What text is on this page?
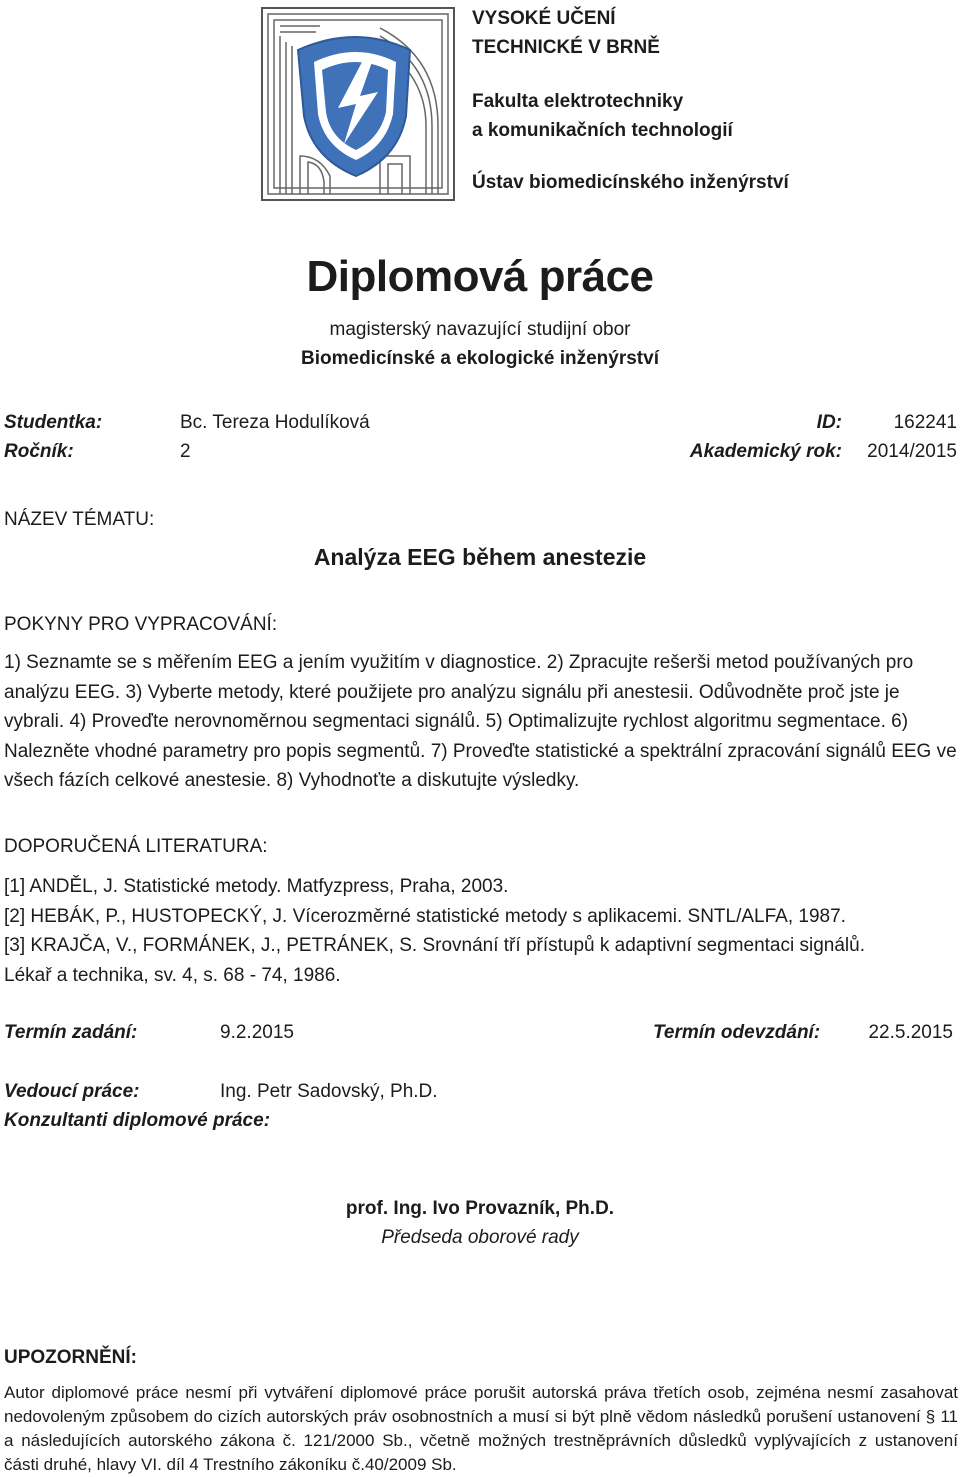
VYSOKÉ UČENÍ
TECHNICKÉ V BRNĚ
Fakulta elektrotechniky
a komunikačních technologií
Ústav biomedicínského inženýrství
Diplomová práce
magisterský navazující studijní obor
Biomedicínské a ekologické inženýrství
Studentka:	Bc. Tereza Hodulíková	ID:	162241
Ročník:	2	Akademický rok: 2014/2015
NÁZEV TÉMATU:
Analýza EEG během anestezie
POKYNY PRO VYPRACOVÁNÍ:

1) Seznamte se s měřením EEG a jením využitím v diagnostice. 2) Zpracujte rešerši metod používaných pro analýzu EEG. 3) Vyberte metody, které použijete pro analýzu signálu při anestesii. Odůvodněte proč jste je vybrali. 4) Proveďte nerovnoměrnou segmentaci signálů. 5) Optimalizujte rychlost algoritmu segmentace. 6) Nalezněte vhodné parametry pro popis segmentů. 7) Proveďte statistické a spektrální zpracování signálů EEG ve všech fázích celkové anestesie. 8) Vyhodnoťte a diskutujte výsledky.

DOPORUČENÁ LITERATURA:
[1] ANDĚL, J. Statistické metody. Matfyzpress, Praha, 2003.
[2] HEBÁK, P., HUSTOPECKÝ, J. Vícerozměrné statistické metody s aplikacemi. SNTL/ALFA, 1987.
[3] KRAJČA, V., FORMÁNEK, J., PETRÁNEK, S. Srovnání tří přístupů k adaptivní segmentaci signálů.
Lékař a technika, sv. 4, s. 68 - 74, 1986.
Termín zadání:	9.2.2015	Termín odevzdání:	22.5.2015
Vedoucí práce:	Ing. Petr Sadovský, Ph.D.
Konzultanti diplomové práce:
prof. Ing. Ivo Provazník, Ph.D.
Předseda oborové rady
UPOZORNĚNÍ:

Autor diplomové práce nesmí při vytváření diplomové práce porušit autorská práva třetích osob, zejména nesmí zasahovat nedovoleným způsobem do cizích autorských práv osobnostních a musí si být plně vědom následků porušení ustanovení § 11 a následujících autorského zákona č. 121/2000 Sb., včetně možných trestněprávních důsledků vyplývajících z ustanovení části druhé, hlavy VI. díl 4 Trestního zákoníku č.40/2009 Sb.
